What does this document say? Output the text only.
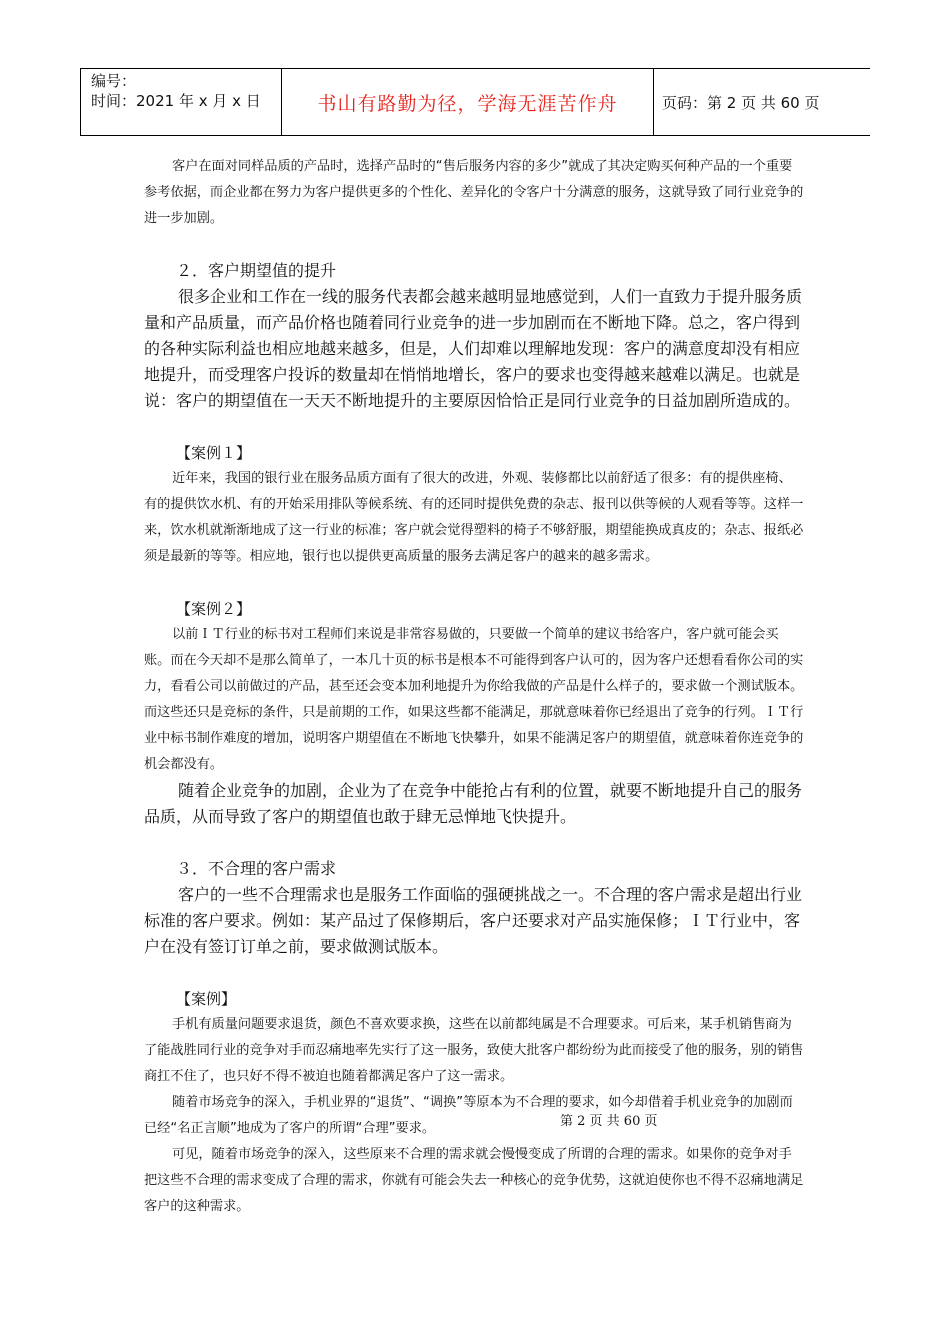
编号：
时间：2021 年 x 月 x 日	书山有路勤为径，学海无涯苦作舟	页码：第 2 页 共 60 页

客户在面对同样品质的产品时，选择产品时的“售后服务内容的多少”就成了其决定购买何种产品的一个重要参考依据，而企业都在努力为客户提供更多的个性化、差异化的令客户十分满意的服务，这就导致了同行业竞争的进一步加剧。

２．客户期望值的提升

很多企业和工作在一线的服务代表都会越来越明显地感觉到，人们一直致力于提升服务质量和产品质量，而产品价格也随着同行业竞争的进一步加剧而在不断地下降。总之，客户得到的各种实际利益也相应地越来越多，但是，人们却难以理解地发现：客户的满意度却没有相应地提升，而受理客户投诉的数量却在悄悄地增长，客户的要求也变得越来越难以满足。也就是说：客户的期望值在一天天不断地提升的主要原因恰恰正是同行业竞争的日益加剧所造成的。

【案例１】

近年来，我国的银行业在服务品质方面有了很大的改进，外观、装修都比以前舒适了很多：有的提供座椅、有的提供饮水机、有的开始采用排队等候系统、有的还同时提供免费的杂志、报刊以供等候的人观看等等。这样一来，饮水机就渐渐地成了这一行业的标准；客户就会觉得塑料的椅子不够舒服，期望能换成真皮的；杂志、报纸必须是最新的等等。相应地，银行也以提供更高质量的服务去满足客户的越来的越多需求。

【案例２】

以前ＩＴ行业的标书对工程师们来说是非常容易做的，只要做一个简单的建议书给客户，客户就可能会买账。而在今天却不是那么简单了，一本几十页的标书是根本不可能得到客户认可的，因为客户还想看看你公司的实力，看看公司以前做过的产品，甚至还会变本加利地提升为你给我做的产品是什么样子的，要求做一个测试版本。而这些还只是竞标的条件，只是前期的工作，如果这些都不能满足，那就意味着你已经退出了竞争的行列。ＩＴ行业中标书制作难度的增加，说明客户期望值在不断地飞快攀升，如果不能满足客户的期望值，就意味着你连竞争的机会都没有。

随着企业竞争的加剧，企业为了在竞争中能抢占有利的位置，就要不断地提升自己的服务品质，从而导致了客户的期望值也敢于肆无忌惮地飞快提升。

３．不合理的客户需求

客户的一些不合理需求也是服务工作面临的强硬挑战之一。不合理的客户需求是超出行业标准的客户要求。例如：某产品过了保修期后，客户还要求对产品实施保修；ＩＴ行业中，客户在没有签订订单之前，要求做测试版本。

【案例】

手机有质量问题要求退货，颜色不喜欢要求换，这些在以前都纯属是不合理要求。可后来，某手机销售商为了能战胜同行业的竞争对手而忍痛地率先实行了这一服务，致使大批客户都纷纷为此而接受了他的服务，别的销售商扛不住了，也只好不得不被迫也随着都满足客户了这一需求。

随着市场竞争的深入，手机业界的“退货”、“调换”等原本为不合理的要求，如今却借着手机业竞争的加剧而已经“名正言顺”地成为了客户的所谓“合理”要求。

可见，随着市场竞争的深入，这些原来不合理的需求就会慢慢变成了所谓的合理的需求。如果你的竞争对手把这些不合理的需求变成了合理的需求，你就有可能会失去一种核心的竞争优势，这就迫使你也不得不忍痛地满足客户的这种需求。

第 2 页 共 60 页
